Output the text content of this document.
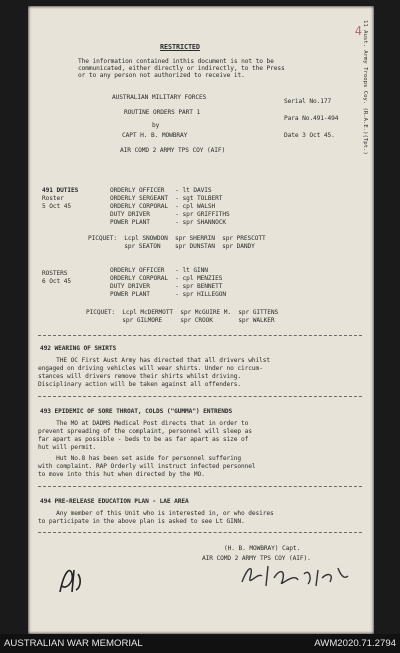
RESTRICTED
The information contained inthis document is not to be
communicated, either directly or indirectly, to the Press
or to any person not authorized to receive it.
AUSTRALIAN MILITARY FORCES
ROUTINE ORDERS PART 1
by
CAPT H. B. MOWBRAY
AIR COMD 2 ARMY TPS COY (AIF)
Serial No.177
Para No.491-494
Date 3 Oct 45.	11 Aust. Army Troops Coy. (R.A.E.)(Tpt.)
4
491 DUTIES
Roster
5 Oct 45
ORDERLY OFFICER   - lt DAVIS
ORDERLY SERGEANT  - sgt TOLBERT
ORDERLY CORPORAL  - cpl WALSH
DUTY DRIVER       - spr GRIFFITHS
POWER PLANT       - spr SHANNOCK
PICQUET:  Lcpl SNOWDON  spr SHERRIN  spr PRESCOTT
spr SEATON    spr DUNSTAN  spr DANDY
ROSTERS
6 Oct 45
ORDERLY OFFICER   - lt GINN
ORDERLY CORPORAL  - cpl MENZIES
DUTY DRIVER       - spr BENNETT
POWER PLANT       - spr HILLEGON
PICQUET:  Lcpl McDERMOTT  spr McGUIRE M.  spr GITTENS
spr GILMORE     spr CROOK       spr WALKER
492 WEARING OF SHIRTS
THE OC First Aust Army has directed that all drivers whilst
engaged on driving vehicles will wear shirts. Under no circum-
stances will drivers remove their shirts whilst driving.
Disciplinary action will be taken against all offenders.
493 EPIDEMIC OF SORE THROAT, COLDS ("GUMMA") ENTRENDS
The MO at DADMS Medical Post directs that in order to
prevent spreading of the complaint, personnel will sleep as
far apart as possible - beds to be as far apart as size of
hut will permit.
Hut No.8 has been set aside for personnel suffering
with complaint. RAP Orderly will instruct infected personnel
to move into this hut when directed by the MO.
494 PRE-RELEASE EDUCATION PLAN - LAE AREA
Any member of this Unit who is interested in, or who desires
to participate in the above plan is asked to see Lt GINN.
(H. B. MOWBRAY) Capt.
AIR COMD 2 ARMY TPS COY (AIF).
AUSTRALIAN WAR MEMORIAL	AWM2020.71.2794
